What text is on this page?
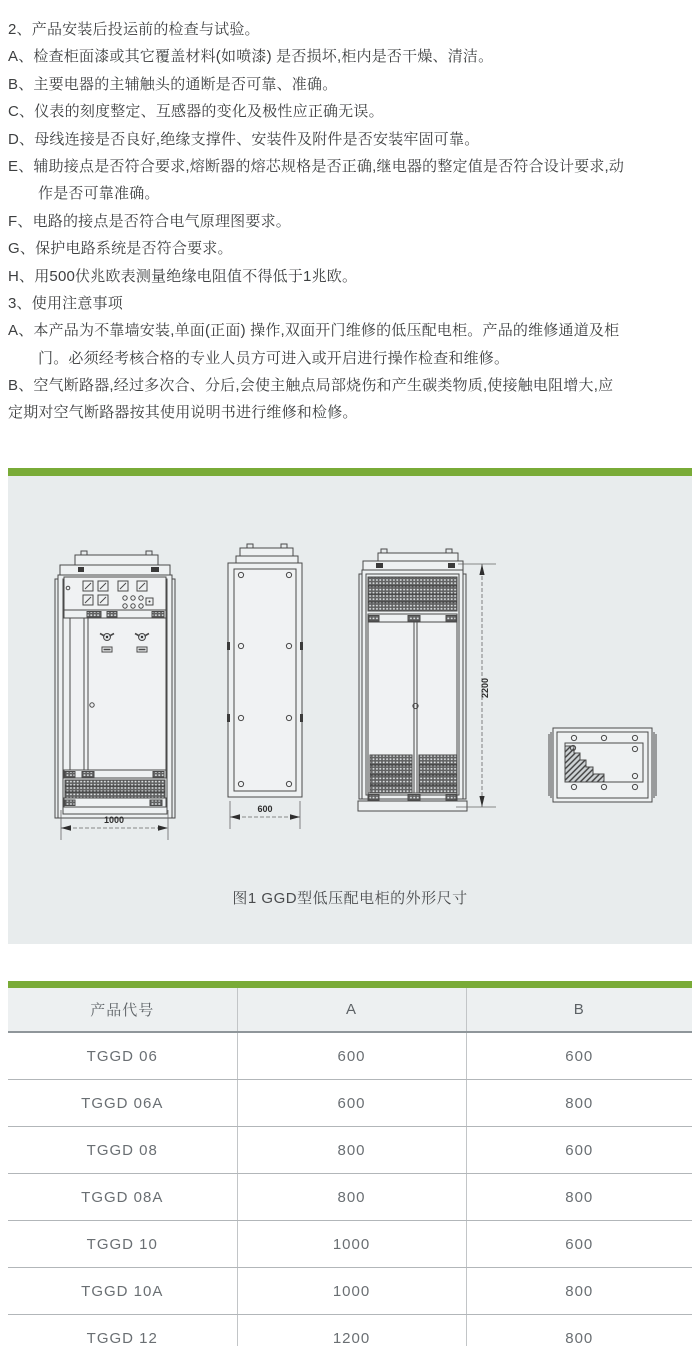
2、产品安装后投运前的检查与试验。
A、检查柜面漆或其它覆盖材料(如喷漆) 是否损坏,柜内是否干燥、清洁。
B、主要电器的主辅触头的通断是否可靠、准确。
C、仪表的刻度整定、互感器的变化及极性应正确无误。
D、母线连接是否良好,绝缘支撑件、安装件及附件是否安装牢固可靠。
E、辅助接点是否符合要求,熔断器的熔芯规格是否正确,继电器的整定值是否符合设计要求,动
作是否可靠准确。
F、电路的接点是否符合电气原理图要求。
G、保护电路系统是否符合要求。
H、用500伏兆欧表测量绝缘电阻值不得低于1兆欧。
3、使用注意事项
A、本产品为不靠墙安装,单面(正面) 操作,双面开门维修的低压配电柜。产品的维修通道及柜
门。必须经考核合格的专业人员方可进入或开启进行操作检查和维修。
B、空气断路器,经过多次合、分后,会使主触点局部烧伤和产生碳类物质,使接触电阻增大,应
定期对空气断路器按其使用说明书进行维修和检修。
1000
600
2200
图1 GGD型低压配电柜的外形尺寸
产品代号	A	B
TGGD 06	600	600
TGGD 06A	600	800
TGGD 08	800	600
TGGD 08A	800	800
TGGD 10	1000	600
TGGD 10A	1000	800
TGGD 12	1200	800
